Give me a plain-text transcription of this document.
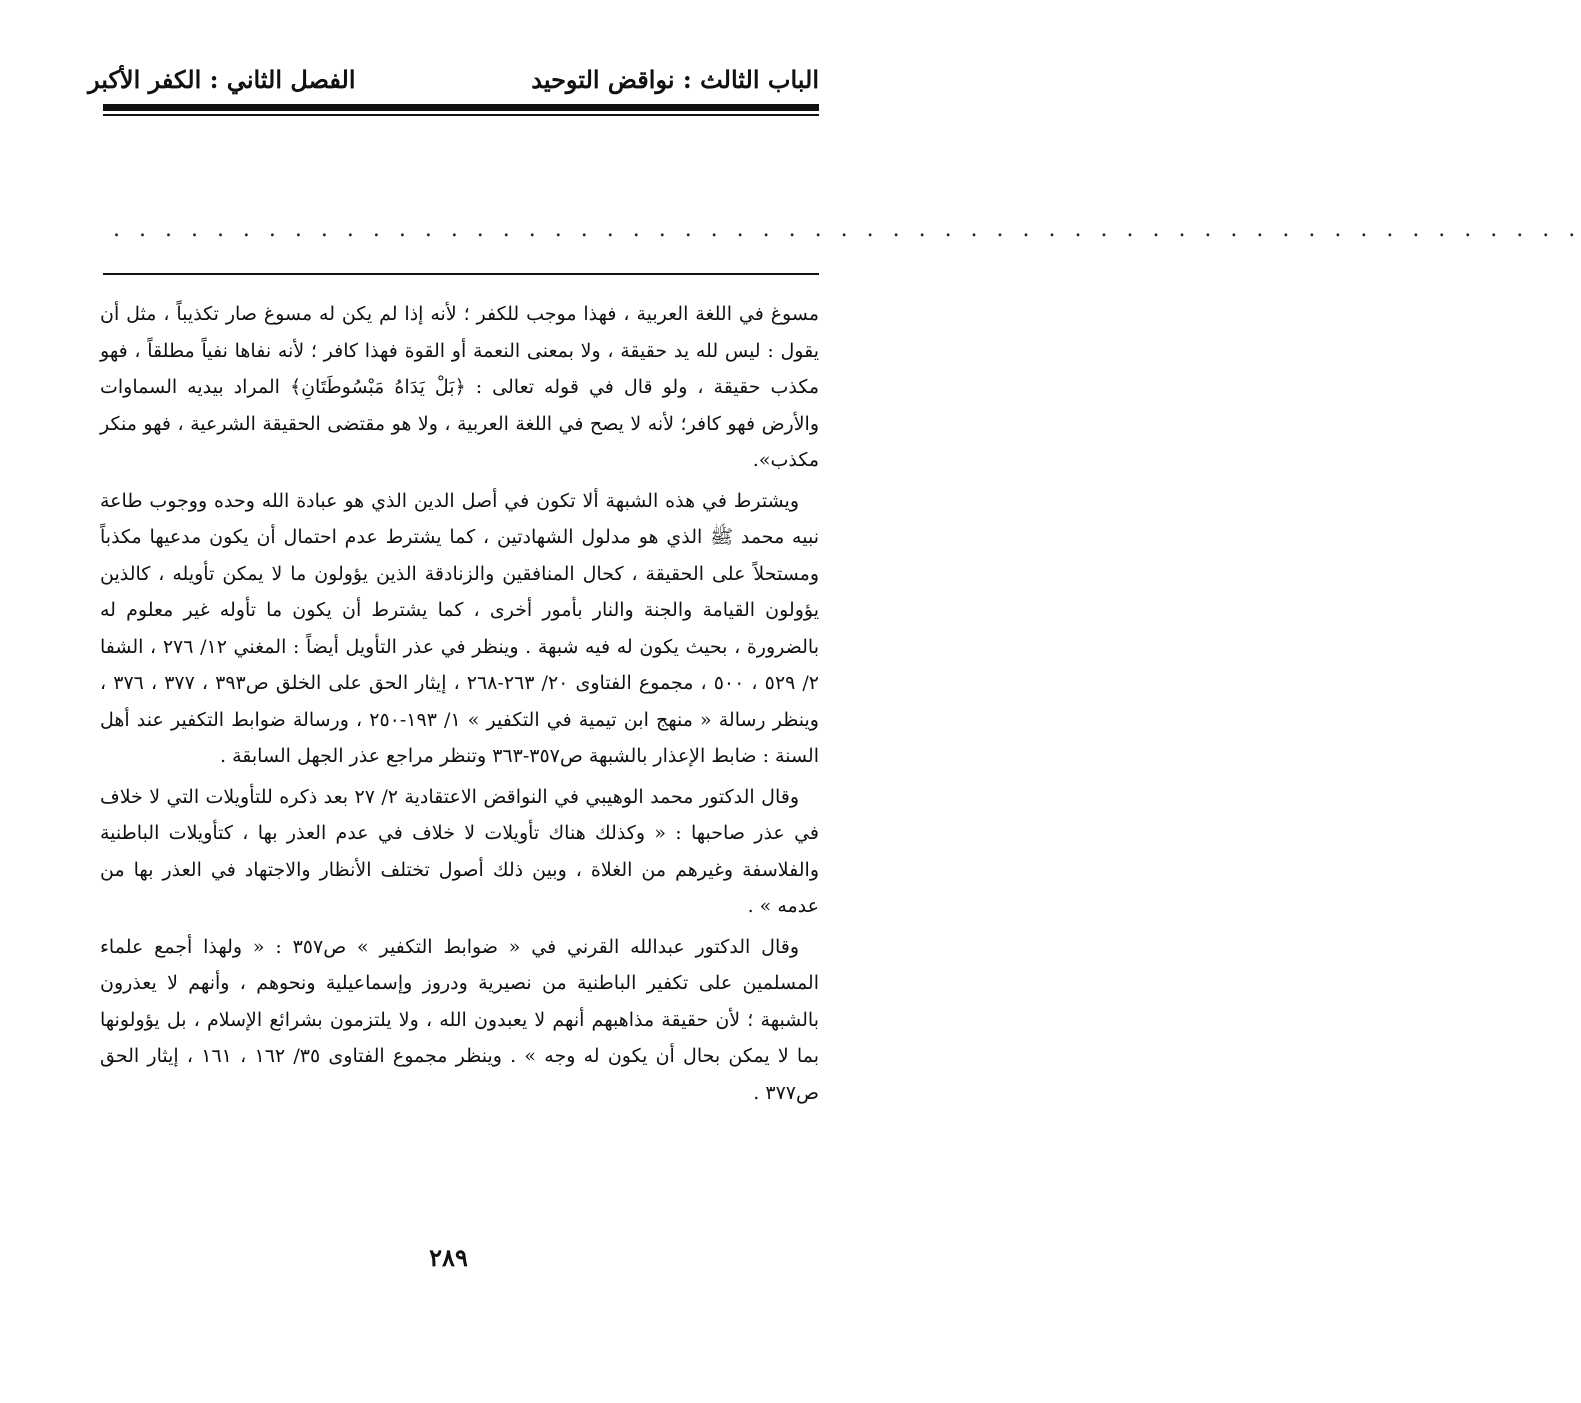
الباب الثالث : نواقض التوحيد
الفصل الثاني : الكفر الأكبر
. . . . . . . . . . . . . . . . . . . . . . . . . . . . . . . . . . . . . . . . . . . . . . . . . . . . . . . . .

مسوغ في اللغة العربية ، فهذا موجب للكفر ؛ لأنه إذا لم يكن له مسوغ صار تكذيباً ، مثل أن يقول : ليس لله يد حقيقة ، ولا بمعنى النعمة أو القوة فهذا كافر ؛ لأنه نفاها نفياً مطلقاً ، فهو مكذب حقيقة ، ولو قال في قوله تعالى : ﴿بَلْ يَدَاهُ مَبْسُوطَتَانِ﴾ المراد بيديه السماوات والأرض فهو كافر؛ لأنه لا يصح في اللغة العربية ، ولا هو مقتضى الحقيقة الشرعية ، فهو منكر مكذب».

ويشترط في هذه الشبهة ألا تكون في أصل الدين الذي هو عبادة الله وحده ووجوب طاعة نبيه محمد ﷺ الذي هو مدلول الشهادتين ، كما يشترط عدم احتمال أن يكون مدعيها مكذباً ومستحلاً على الحقيقة ، كحال المنافقين والزنادقة الذين يؤولون ما لا يمكن تأويله ، كالذين يؤولون القيامة والجنة والنار بأمور أخرى ، كما يشترط أن يكون ما تأوله غير معلوم له بالضرورة ، بحيث يكون له فيه شبهة . وينظر في عذر التأويل أيضاً : المغني ١٢/ ٢٧٦ ، الشفا ٢/ ٥٢٩ ، ٥٠٠ ، مجموع الفتاوى ٢٠/ ٢٦٣-٢٦٨ ، إيثار الحق على الخلق ص٣٩٣ ، ٣٧٧ ، ٣٧٦ ، وينظر رسالة « منهج ابن تيمية في التكفير » ١/ ١٩٣-٢٥٠ ، ورسالة ضوابط التكفير عند أهل السنة : ضابط الإعذار بالشبهة ص٣٥٧-٣٦٣ وتنظر مراجع عذر الجهل السابقة .

وقال الدكتور محمد الوهيبي في النواقض الاعتقادية ٢/ ٢٧ بعد ذكره للتأويلات التي لا خلاف في عذر صاحبها : « وكذلك هناك تأويلات لا خلاف في عدم العذر بها ، كتأويلات الباطنية والفلاسفة وغيرهم من الغلاة ، وبين ذلك أصول تختلف الأنظار والاجتهاد في العذر بها من عدمه » .

وقال الدكتور عبدالله القرني في « ضوابط التكفير » ص٣٥٧ : « ولهذا أجمع علماء المسلمين على تكفير الباطنية من نصيرية ودروز وإسماعيلية ونحوهم ، وأنهم لا يعذرون بالشبهة ؛ لأن حقيقة مذاهبهم أنهم لا يعبدون الله ، ولا يلتزمون بشرائع الإسلام ، بل يؤولونها بما لا يمكن بحال أن يكون له وجه » . وينظر مجموع الفتاوى ٣٥/ ١٦٢ ، ١٦١ ، إيثار الحق ص٣٧٧ .

٢٨٩
